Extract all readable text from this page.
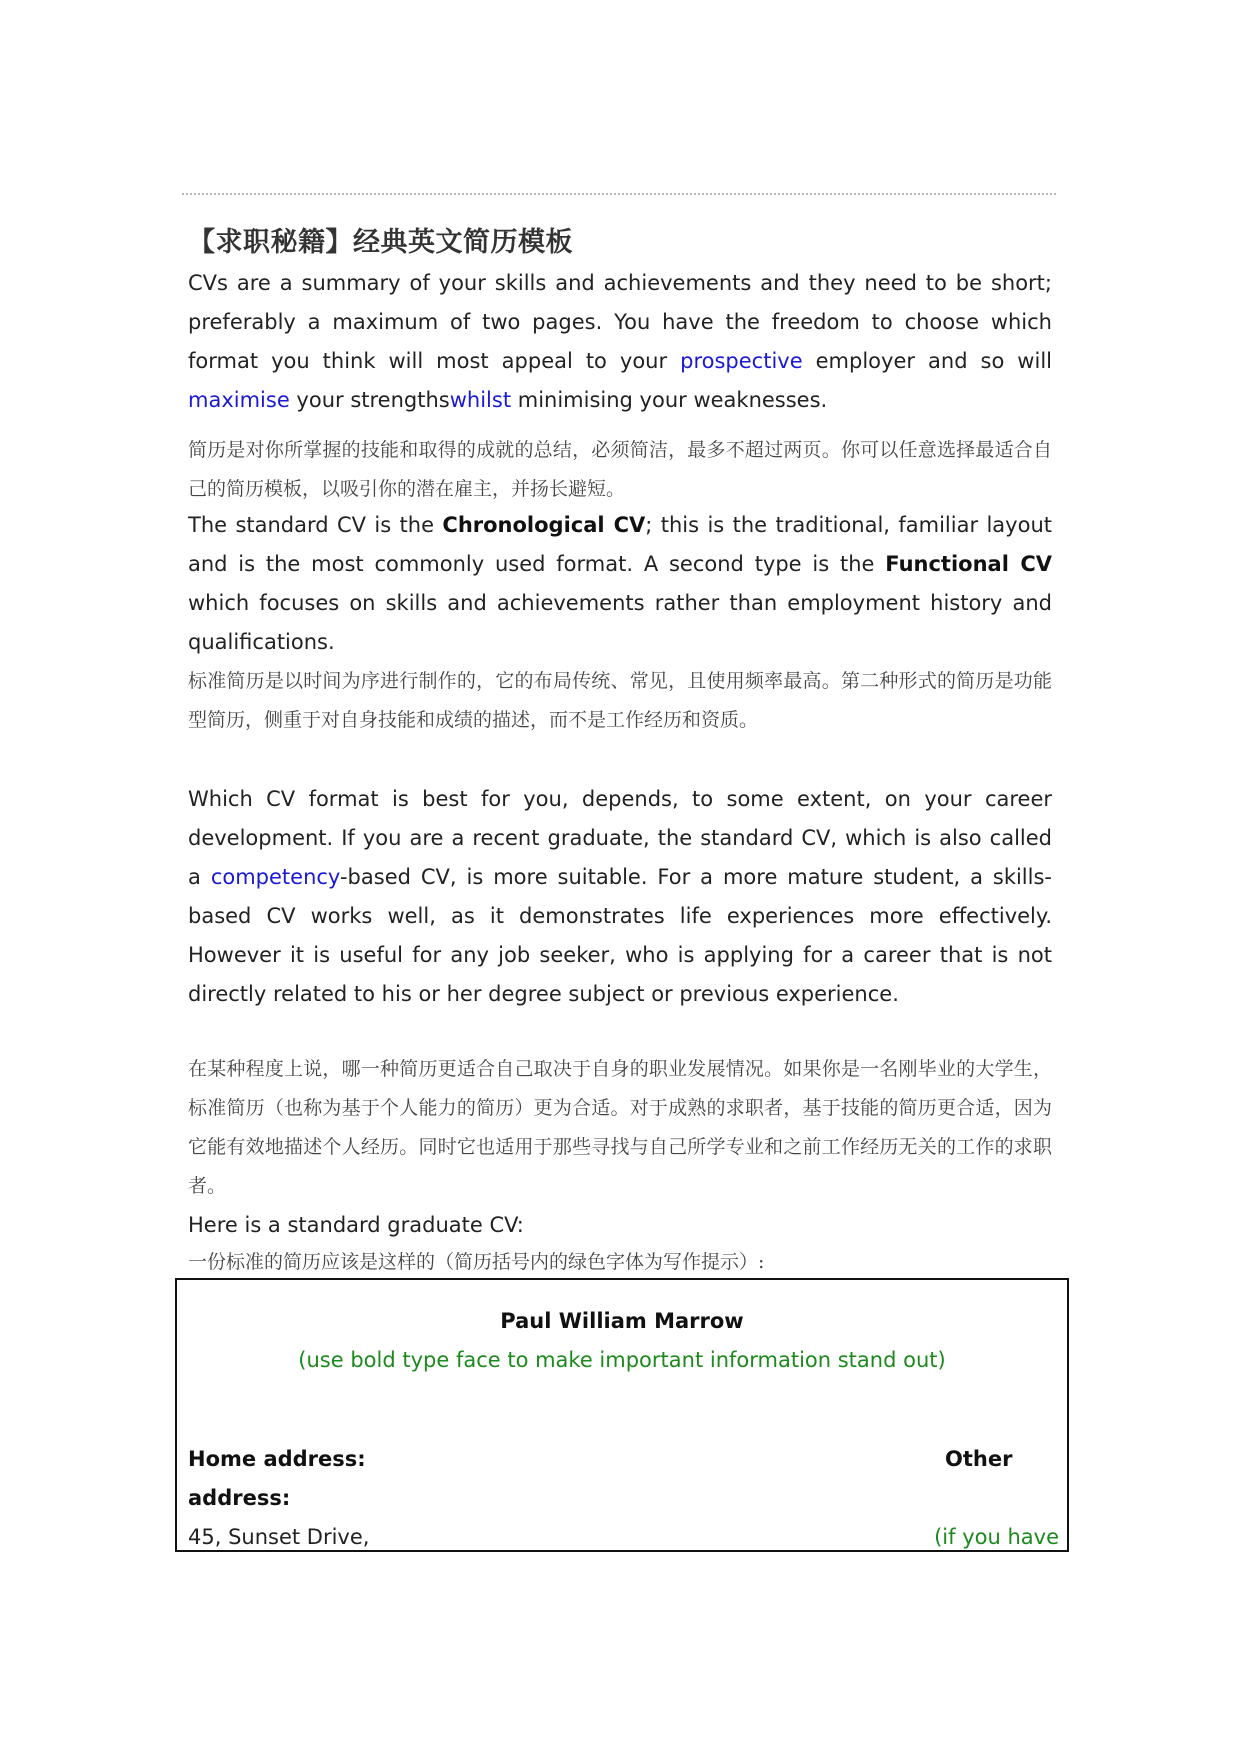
【求职秘籍】经典英文简历模板
CVs are a summary of your skills and achievements and they need to be short; preferably a maximum of two pages. You have the freedom to choose which format you think will most appeal to your prospective employer and so will maximise your strengthswhilst minimising your weaknesses.
简历是对你所掌握的技能和取得的成就的总结，必须简洁，最多不超过两页。你可以任意选择最适合自己的简历模板，以吸引你的潜在雇主，并扬长避短。
The standard CV is the Chronological CV; this is the traditional, familiar layout and is the most commonly used format. A second type is the Functional CV which focuses on skills and achievements rather than employment history and qualifications.
标准简历是以时间为序进行制作的，它的布局传统、常见，且使用频率最高。第二种形式的简历是功能型简历，侧重于对自身技能和成绩的描述，而不是工作经历和资质。
Which CV format is best for you, depends, to some extent, on your career development. If you are a recent graduate, the standard CV, which is also called a competency-based CV, is more suitable. For a more mature student, a skills-based CV works well, as it demonstrates life experiences more effectively. However it is useful for any job seeker, who is applying for a career that is not directly related to his or her degree subject or previous experience.
在某种程度上说，哪一种简历更适合自己取决于自身的职业发展情况。如果你是一名刚毕业的大学生，标准简历（也称为基于个人能力的简历）更为合适。对于成熟的求职者，基于技能的简历更合适，因为它能有效地描述个人经历。同时它也适用于那些寻找与自己所学专业和之前工作经历无关的工作的求职者。
Here is a standard graduate CV:
一份标准的简历应该是这样的（简历括号内的绿色字体为写作提示）:
Paul William Marrow
(use bold type face to make important information stand out)
Home address:	Other
address:
45, Sunset Drive,	(if you have
